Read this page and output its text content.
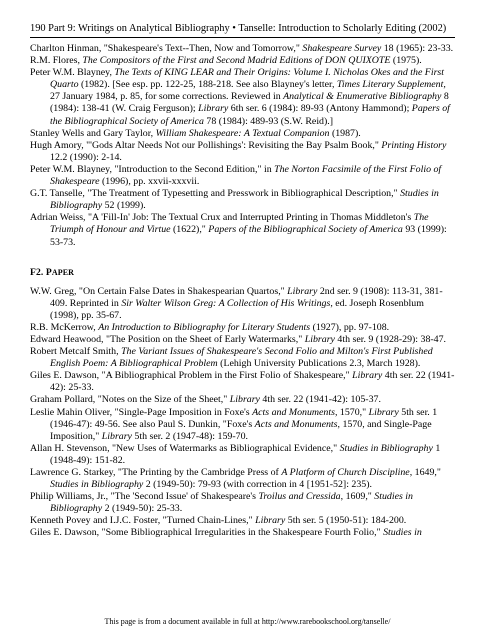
190 Part 9: Writings on Analytical Bibliography • Tanselle: Introduction to Scholarly Editing (2002)

Charlton Hinman, "Shakespeare's Text--Then, Now and Tomorrow," Shakespeare Survey 18 (1965): 23-33.

R.M. Flores, The Compositors of the First and Second Madrid Editions of DON QUIXOTE (1975).

Peter W.M. Blayney, The Texts of KING LEAR and Their Origins: Volume I. Nicholas Okes and the First Quarto (1982). [See esp. pp. 122-25, 188-218. See also Blayney's letter, Times Literary Supplement, 27 January 1984, p. 85, for some corrections. Reviewed in Analytical & Enumerative Bibliography 8 (1984): 138-41 (W. Craig Ferguson); Library 6th ser. 6 (1984): 89-93 (Antony Hammond); Papers of the Bibliographical Society of America 78 (1984): 489-93 (S.W. Reid).]

Stanley Wells and Gary Taylor, William Shakespeare: A Textual Companion (1987).

Hugh Amory, "'Gods Altar Needs Not our Pollishings': Revisiting the Bay Psalm Book," Printing History 12.2 (1990): 2-14.

Peter W.M. Blayney, "Introduction to the Second Edition," in The Norton Facsimile of the First Folio of Shakespeare (1996), pp. xxvii-xxxvii.

G.T. Tanselle, "The Treatment of Typesetting and Presswork in Bibliographical Description," Studies in Bibliography 52 (1999).

Adrian Weiss, "A 'Fill-In' Job: The Textual Crux and Interrupted Printing in Thomas Middleton's The Triumph of Honour and Virtue (1622)," Papers of the Bibliographical Society of America 93 (1999): 53-73.

F2. PAPER

W.W. Greg, "On Certain False Dates in Shakespearian Quartos," Library 2nd ser. 9 (1908): 113-31, 381-409. Reprinted in Sir Walter Wilson Greg: A Collection of His Writings, ed. Joseph Rosenblum (1998), pp. 35-67.

R.B. McKerrow, An Introduction to Bibliography for Literary Students (1927), pp. 97-108.

Edward Heawood, "The Position on the Sheet of Early Watermarks," Library 4th ser. 9 (1928-29): 38-47.

Robert Metcalf Smith, The Variant Issues of Shakespeare's Second Folio and Milton's First Published English Poem: A Bibliographical Problem (Lehigh University Publications 2.3, March 1928).

Giles E. Dawson, "A Bibliographical Problem in the First Folio of Shakespeare," Library 4th ser. 22 (1941-42): 25-33.

Graham Pollard, "Notes on the Size of the Sheet," Library 4th ser. 22 (1941-42): 105-37.

Leslie Mahin Oliver, "Single-Page Imposition in Foxe's Acts and Monuments, 1570," Library 5th ser. 1 (1946-47): 49-56. See also Paul S. Dunkin, "Foxe's Acts and Monuments, 1570, and Single-Page Imposition," Library 5th ser. 2 (1947-48): 159-70.

Allan H. Stevenson, "New Uses of Watermarks as Bibliographical Evidence," Studies in Bibliography 1 (1948-49): 151-82.

Lawrence G. Starkey, "The Printing by the Cambridge Press of A Platform of Church Discipline, 1649," Studies in Bibliography 2 (1949-50): 79-93 (with correction in 4 [1951-52]: 235).

Philip Williams, Jr., "The 'Second Issue' of Shakespeare's Troilus and Cressida, 1609," Studies in Bibliography 2 (1949-50): 25-33.

Kenneth Povey and I.J.C. Foster, "Turned Chain-Lines," Library 5th ser. 5 (1950-51): 184-200.

Giles E. Dawson, "Some Bibliographical Irregularities in the Shakespeare Fourth Folio," Studies in

This page is from a document available in full at http://www.rarebookschool.org/tanselle/
